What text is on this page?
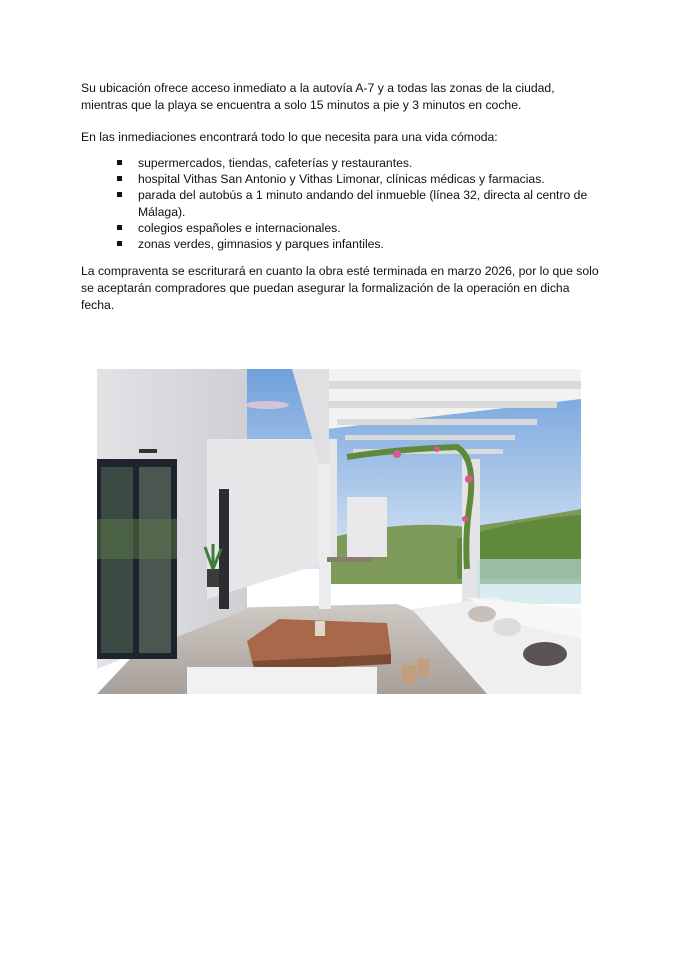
Su ubicación ofrece acceso inmediato a la autovía A-7 y a todas las zonas de la ciudad, mientras que la playa se encuentra a solo 15 minutos a pie y 3 minutos en coche.

En las inmediaciones encontrará todo lo que necesita para una vida cómoda:

supermercados, tiendas, cafeterías y restaurantes.
hospital Vithas San Antonio y Vithas Limonar, clínicas médicas y farmacias.
parada del autobús a 1 minuto andando del inmueble (línea 32, directa al centro de Málaga).
colegios españoles e internacionales.
zonas verdes, gimnasios y parques infantiles.

La compraventa se escriturará en cuanto la obra esté terminada en marzo 2026, por lo que solo se aceptarán compradores que puedan asegurar la formalización de la operación en dicha fecha.
